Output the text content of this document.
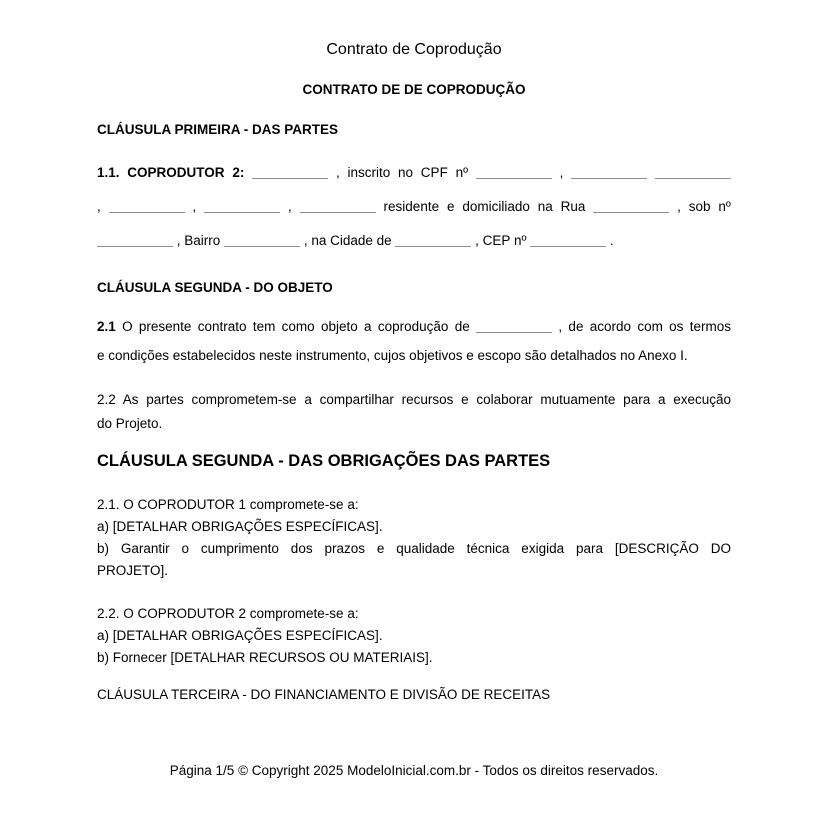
Contrato de Coprodução
CONTRATO DE DE COPRODUÇÃO
CLÁUSULA PRIMEIRA - DAS PARTES
1.1. COPRODUTOR 2:	, inscrito no CPF nº	,
,	,	,	residente e domiciliado na Rua	, sob nº
, Bairro	, na Cidade de	, CEP nº	.
CLÁUSULA SEGUNDA - DO OBJETO
2.1 O presente contrato tem como objeto a coprodução de	, de acordo com os termos
e condições estabelecidos neste instrumento, cujos objetivos e escopo são detalhados no Anexo I.
2.2 As partes comprometem-se a compartilhar recursos e colaborar mutuamente para a execução
do Projeto.
CLÁUSULA SEGUNDA - DAS OBRIGAÇÕES DAS PARTES
2.1. O COPRODUTOR 1 compromete-se a:
a) [DETALHAR OBRIGAÇÕES ESPECÍFICAS].
b) Garantir o cumprimento dos prazos e qualidade técnica exigida para [DESCRIÇÃO DO
PROJETO].
2.2. O COPRODUTOR 2 compromete-se a:
a) [DETALHAR OBRIGAÇÕES ESPECÍFICAS].
b) Fornecer [DETALHAR RECURSOS OU MATERIAIS].
CLÁUSULA TERCEIRA - DO FINANCIAMENTO E DIVISÃO DE RECEITAS
Página 1/5 © Copyright 2025 ModeloInicial.com.br - Todos os direitos reservados.
